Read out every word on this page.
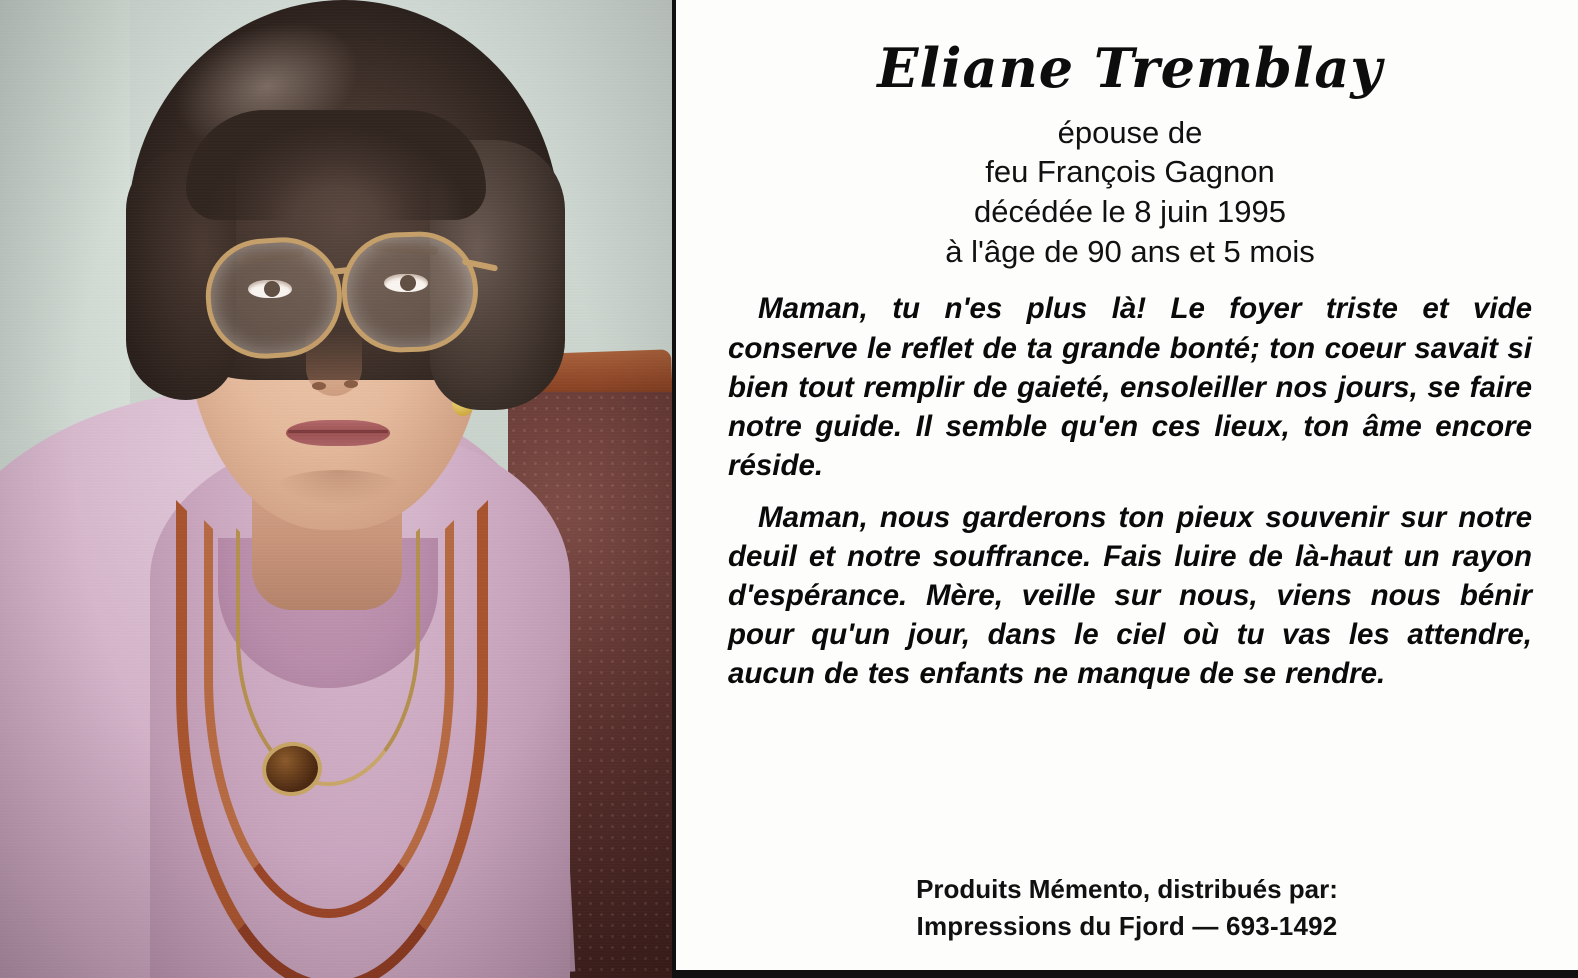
Eliane Tremblay
épouse de
feu François Gagnon
décédée le 8 juin 1995
à l'âge de 90 ans et 5 mois

Maman, tu n'es plus là! Le foyer triste et vide conserve le reflet de ta grande bonté; ton coeur savait si bien tout remplir de gaieté, ensoleiller nos jours, se faire notre guide. Il semble qu'en ces lieux, ton âme encore réside.

Maman, nous garderons ton pieux souvenir sur notre deuil et notre souffrance. Fais luire de là-haut un rayon d'espérance. Mère, veille sur nous, viens nous bénir pour qu'un jour, dans le ciel où tu vas les attendre, aucun de tes enfants ne manque de se rendre.

Produits Mémento, distribués par:
Impressions du Fjord — 693-1492
